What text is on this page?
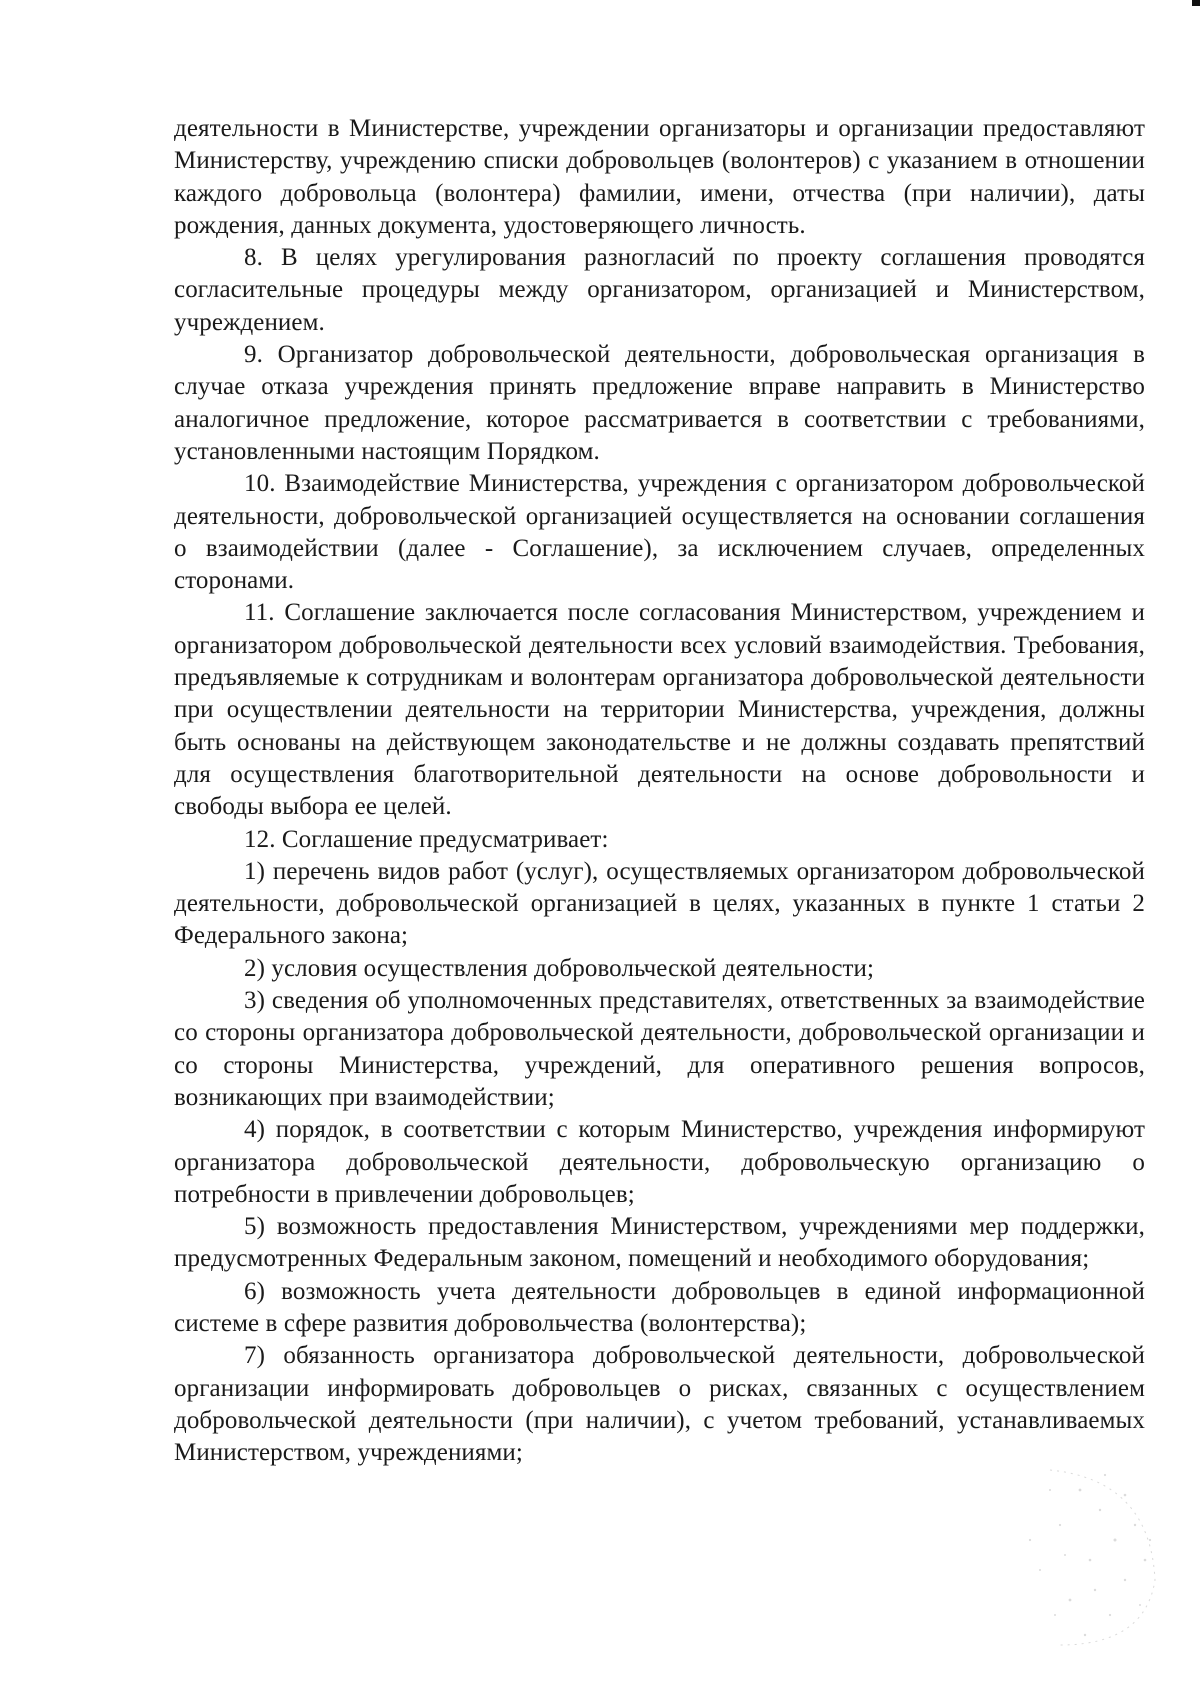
деятельности в Министерстве, учреждении организаторы и организации предоставляют Министерству, учреждению списки добровольцев (волонтеров) с указанием в отношении каждого добровольца (волонтера) фамилии, имени, отчества (при наличии), даты рождения, данных документа, удостоверяющего личность.

8. В целях урегулирования разногласий по проекту соглашения проводятся согласительные процедуры между организатором, организацией и Министерством, учреждением.

9. Организатор добровольческой деятельности, добровольческая организация в случае отказа учреждения принять предложение вправе направить в Министерство аналогичное предложение, которое рассматривается в соответствии с требованиями, установленными настоящим Порядком.

10. Взаимодействие Министерства, учреждения с организатором добровольческой деятельности, добровольческой организацией осуществляется на основании соглашения о взаимодействии (далее - Соглашение), за исключением случаев, определенных сторонами.

11. Соглашение заключается после согласования Министерством, учреждением и организатором добровольческой деятельности всех условий взаимодействия. Требования, предъявляемые к сотрудникам и волонтерам организатора добровольческой деятельности при осуществлении деятельности на территории Министерства, учреждения, должны быть основаны на действующем законодательстве и не должны создавать препятствий для осуществления благотворительной деятельности на основе добровольности и свободы выбора ее целей.

12. Соглашение предусматривает:

1) перечень видов работ (услуг), осуществляемых организатором добровольческой деятельности, добровольческой организацией в целях, указанных в пункте 1 статьи 2 Федерального закона;

2) условия осуществления добровольческой деятельности;

3) сведения об уполномоченных представителях, ответственных за взаимодействие со стороны организатора добровольческой деятельности, добровольческой организации и со стороны Министерства, учреждений, для оперативного решения вопросов, возникающих при взаимодействии;

4) порядок, в соответствии с которым Министерство, учреждения информируют организатора добровольческой деятельности, добровольческую организацию о потребности в привлечении добровольцев;

5) возможность предоставления Министерством, учреждениями мер поддержки, предусмотренных Федеральным законом, помещений и необходимого оборудования;

6) возможность учета деятельности добровольцев в единой информационной системе в сфере развития добровольчества (волонтерства);

7) обязанность организатора добровольческой деятельности, добровольческой организации информировать добровольцев о рисках, связанных с осуществлением добровольческой деятельности (при наличии), с учетом требований, устанавливаемых Министерством, учреждениями;
